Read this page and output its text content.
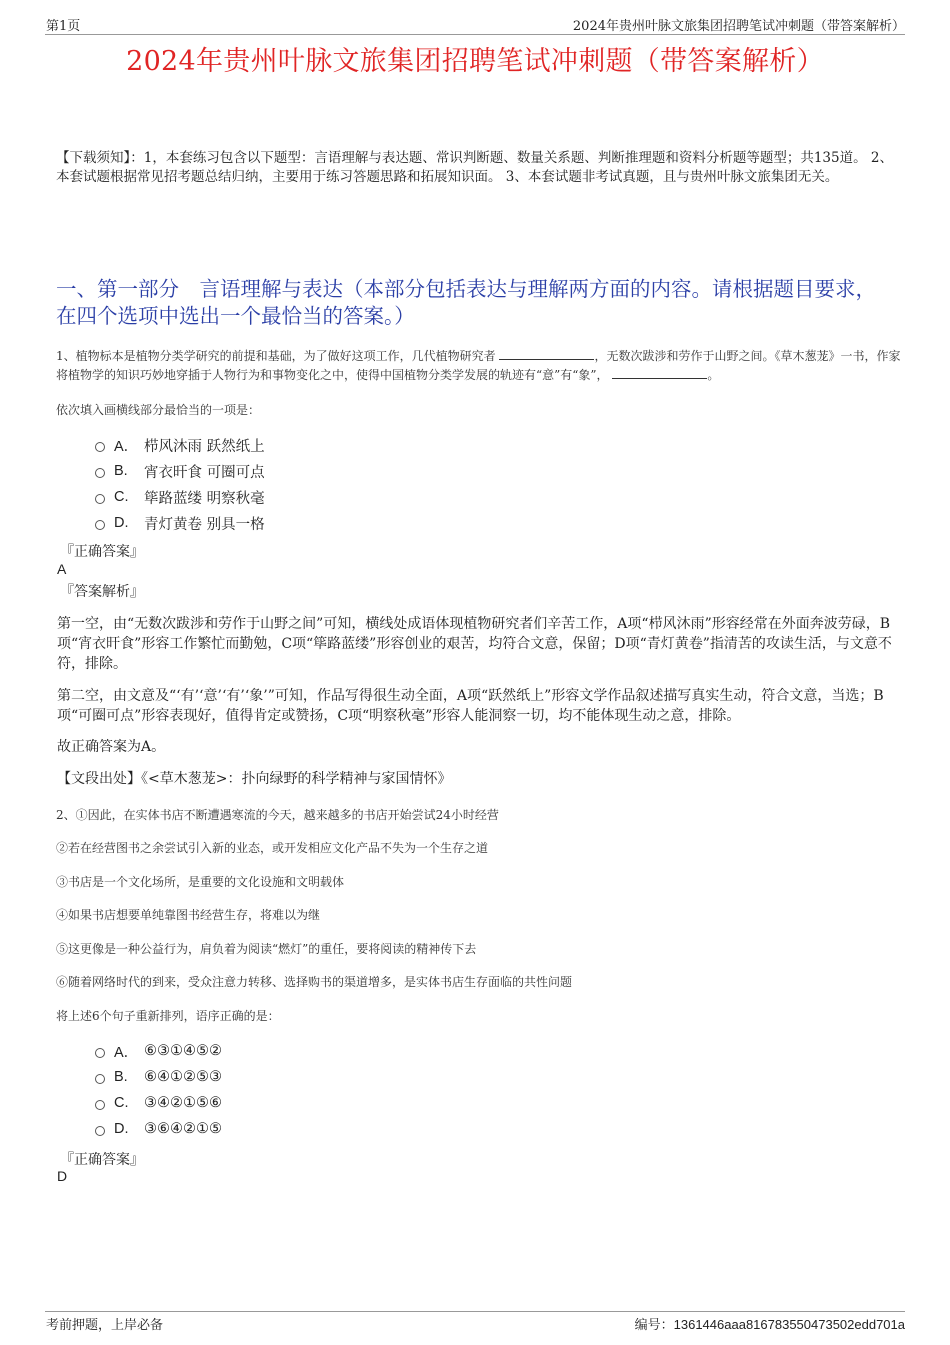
第1页	2024年贵州叶脉文旅集团招聘笔试冲刺题（带答案解析）
2024年贵州叶脉文旅集团招聘笔试冲刺题（带答案解析）
【下载须知】：1，本套练习包含以下题型：言语理解与表达题、常识判断题、数量关系题、判断推理题和资料分析题等题型；共135道。 2、本套试题根据常见招考题总结归纳，主要用于练习答题思路和拓展知识面。 3、本套试题非考试真题，且与贵州叶脉文旅集团无关。
一、第一部分　言语理解与表达（本部分包括表达与理解两方面的内容。请根据题目要求，在四个选项中选出一个最恰当的答案。）
1、植物标本是植物分类学研究的前提和基础，为了做好这项工作，几代植物研究者	，无数次跋涉和劳作于山野之间。《草木葱茏》一书，作家将植物学的知识巧妙地穿插于人物行为和事物变化之中，使得中国植物分类学发展的轨迹有“意”有“象”，	。
依次填入画横线部分最恰当的一项是：
A． 栉风沐雨 跃然纸上
B.	宵衣旰食 可圈可点
C.	筚路蓝缕 明察秋毫
D.	青灯黄卷 别具一格
『正确答案』
A
『答案解析』
第一空，由“无数次跋涉和劳作于山野之间”可知，横线处成语体现植物研究者们辛苦工作，A项“栉风沐雨”形容经常在外面奔波劳碌，B项“宵衣旰食”形容工作繁忙而勤勉，C项“筚路蓝缕”形容创业的艰苦，均符合文意，保留；D项“青灯黄卷”指清苦的攻读生活，与文意不符，排除。
第二空，由文意及“‘有’‘意’‘有’‘象’”可知，作品写得很生动全面，A项“跃然纸上”形容文学作品叙述描写真实生动，符合文意，当选；B项“可圈可点”形容表现好，值得肯定或赞扬，C项“明察秋毫”形容人能洞察一切，均不能体现生动之意，排除。
故正确答案为A。
【文段出处】《<草木葱茏>：扑向绿野的科学精神与家国情怀》
2、①因此，在实体书店不断遭遇寒流的今天，越来越多的书店开始尝试24小时经营
②若在经营图书之余尝试引入新的业态，或开发相应文化产品不失为一个生存之道
③书店是一个文化场所，是重要的文化设施和文明载体
④如果书店想要单纯靠图书经营生存，将难以为继
⑤这更像是一种公益行为，肩负着为阅读“燃灯”的重任，要将阅读的精神传下去
⑥随着网络时代的到来，受众注意力转移、选择购书的渠道增多，是实体书店生存面临的共性问题
将上述6个句子重新排列，语序正确的是：
A． ⑥③①④⑤②
B.	⑥④①②⑤③
C.	③④②①⑤⑥
D.	③⑥④②①⑤
『正确答案』
D
考前押题，上岸必备	编号：1361446aaa816783550473502edd701a
